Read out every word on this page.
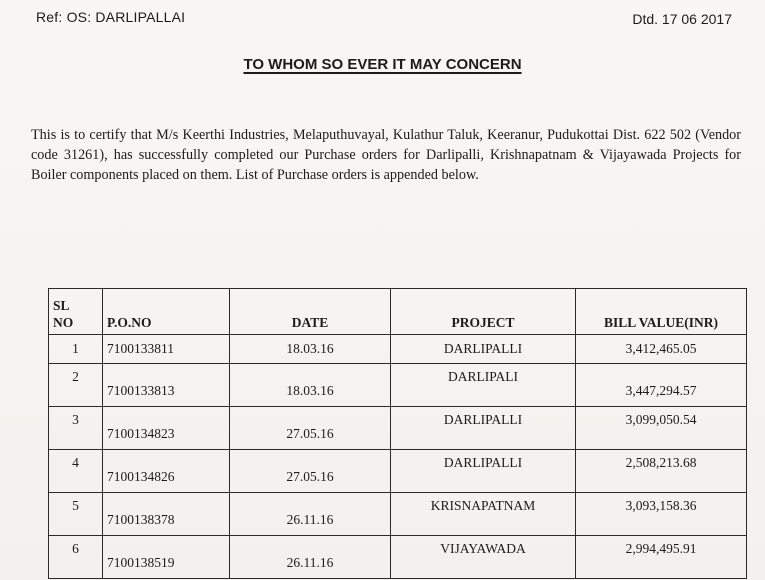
Ref: OS: DARLIPALLAI	Dtd. 17 06 2017
TO WHOM SO EVER IT MAY CONCERN
This is to certify that M/s Keerthi Industries, Melaputhuvayal, Kulathur Taluk, Keeranur, Pudukottai Dist. 622 502 (Vendor code 31261), has successfully completed our Purchase orders for Darlipalli, Krishnapatnam & Vijayawada Projects for Boiler components placed on them. List of Purchase orders is appended below.
SL
NO	P.O.NO	DATE	PROJECT	BILL VALUE(INR)
1	7100133811	18.03.16	DARLIPALLI	3,412,465.05
2	7100133813	18.03.16	DARLIPALI	3,447,294.57
3	7100134823	27.05.16	DARLIPALLI	3,099,050.54
4	7100134826	27.05.16	DARLIPALLI	2,508,213.68
5	7100138378	26.11.16	KRISNAPATNAM	3,093,158.36
6	7100138519	26.11.16	VIJAYAWADA	2,994,495.91
